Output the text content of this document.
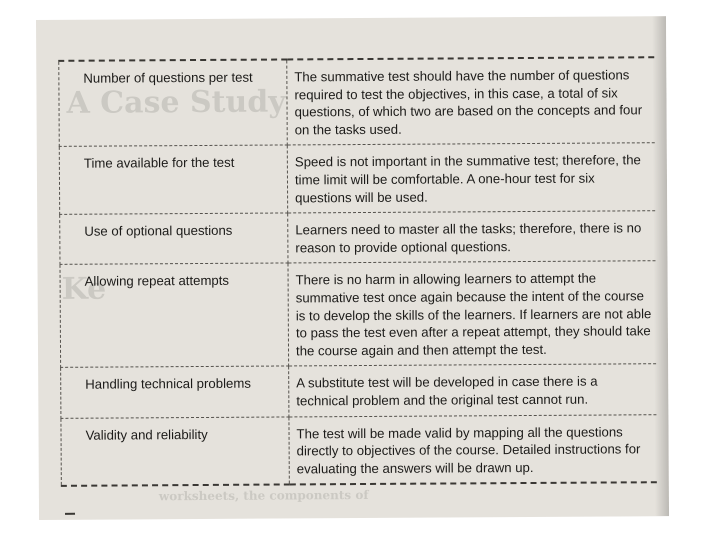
A Case Study
Ke
worksheets, the components of
Number of questions per test	The summative test should have the number of questions required to test the objectives, in this case, a total of six questions, of which two are based on the concepts and four on the tasks used.
Time available for the test	Speed is not important in the summative test; therefore, the time limit will be comfortable. A one-hour test for six questions will be used.
Use of optional questions	Learners need to master all the tasks; therefore, there is no reason to provide optional questions.
Allowing repeat attempts	There is no harm in allowing learners to attempt the summative test once again because the intent of the course is to develop the skills of the learners. If learners are not able to pass the test even after a repeat attempt, they should take the course again and then attempt the test.
Handling technical problems	A substitute test will be developed in case there is a technical problem and the original test cannot run.
Validity and reliability	The test will be made valid by mapping all the questions directly to objectives of the course. Detailed instructions for evaluating the answers will be drawn up.
